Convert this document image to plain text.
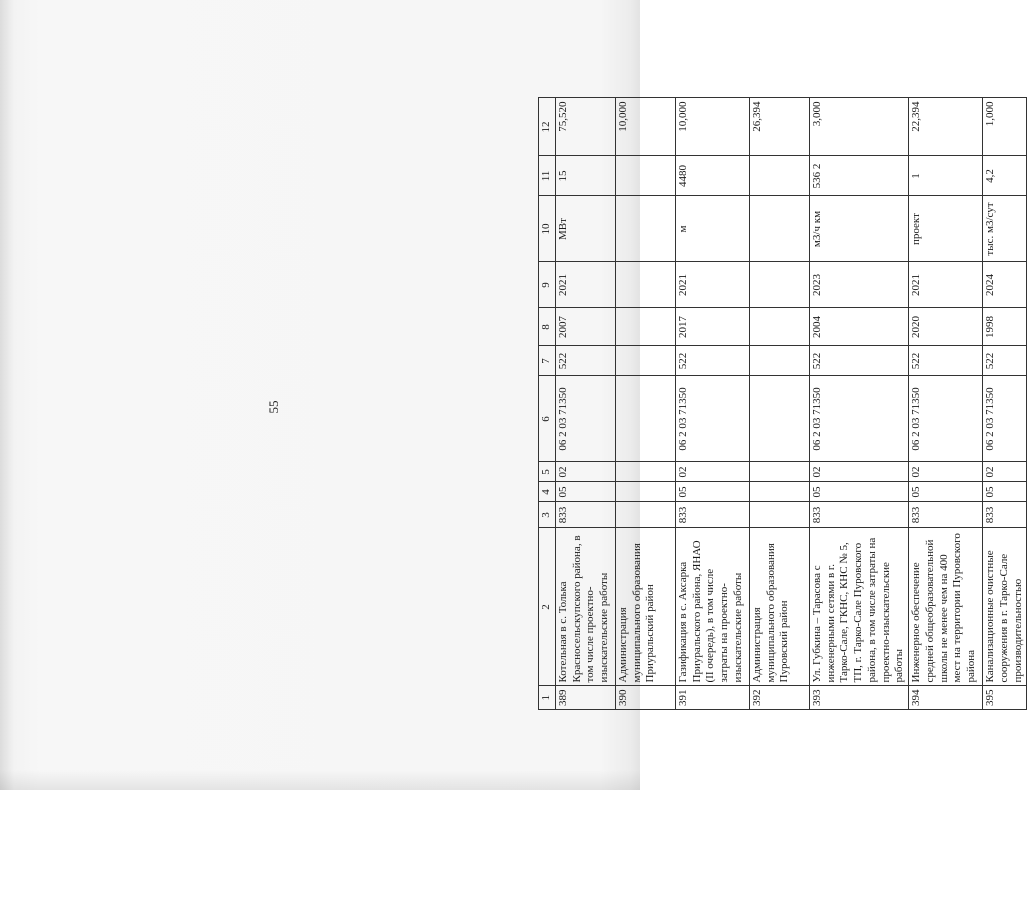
55
1	2	3	4	5	6	7	8	9	10	11	12
389	Котельная в с. Толька Красносельскупского района, в том числе проектно-изыскательские работы	833	05	02	06 2 03 71350	522	2007	2021	МВт	15	75,520
390	Администрация муниципального образования Приуральский район										10,000
391	Газификация в с. Аксарка Приуральского района, ЯНАО (II очередь), в том числе затраты на проектно-изыскательские работы	833	05	02	06 2 03 71350	522	2017	2021	м	4480	10,000
392	Администрация муниципального образования Пуровский район										26,394
393	Ул. Губкина – Тарасова с инженерными сетями в г. Тарко-Сале, ГКНС, КНС № 5, ТП, г. Тарко-Сале Пуровского района, в том числе затраты на проектно-изыскательские работы	833	05	02	06 2 03 71350	522	2004	2023	м3/ч км	536 2	3,000
394	Инженерное обеспечение средней общеобразовательной школы не менее чем на 400 мест на территории Пуровского района	833	05	02	06 2 03 71350	522	2020	2021	проект	1	22,394
395	Канализационные очистные сооружения в г. Тарко-Сале производительностью	833	05	02	06 2 03 71350	522	1998	2024	тыс. м3/сут	4,2	1,000
